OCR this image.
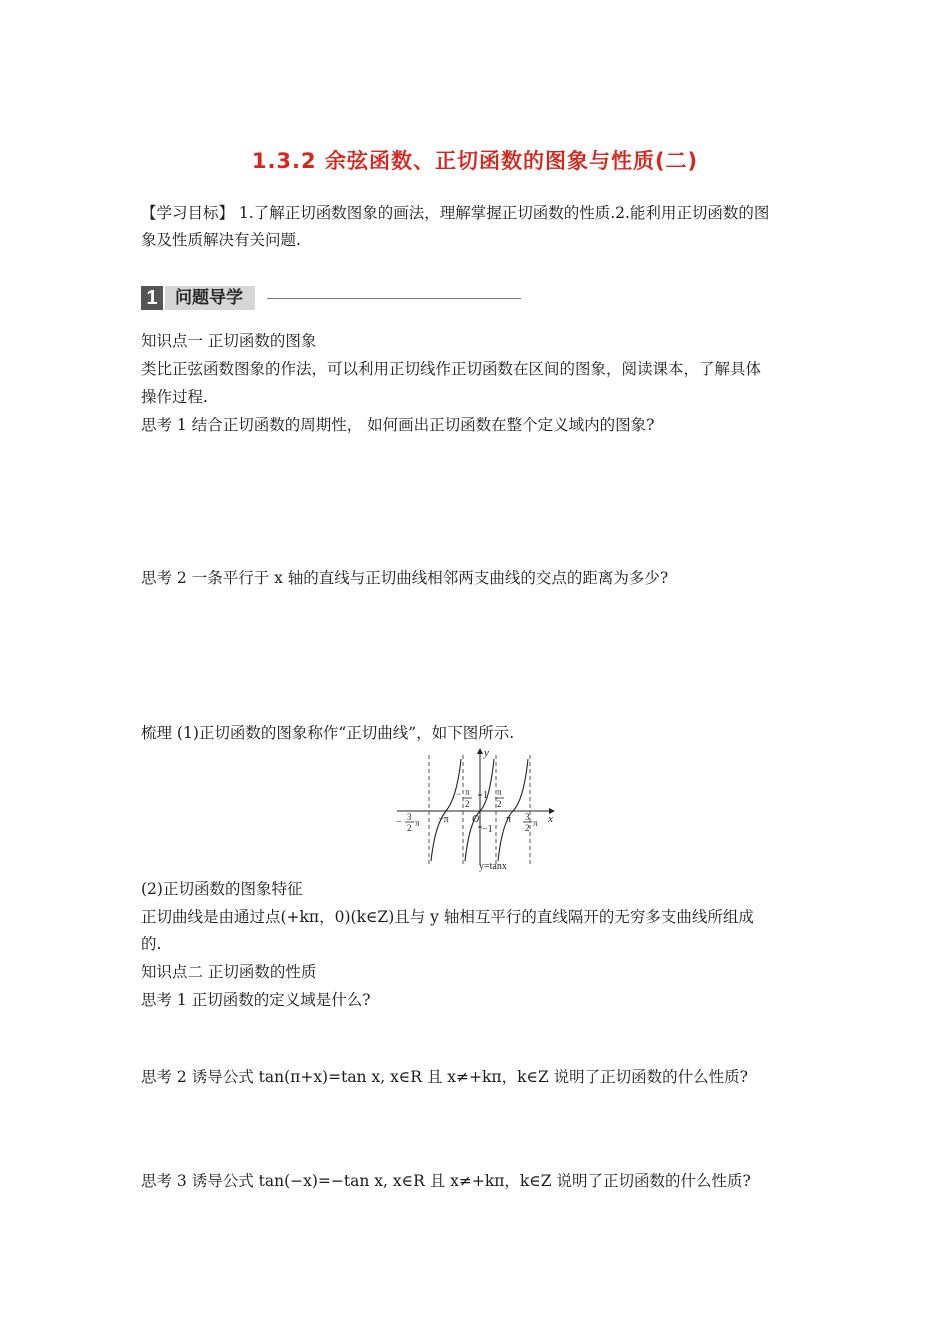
1.3.2 余弦函数、正切函数的图象与性质(二)
【学习目标】 1.了解正切函数图象的画法，理解掌握正切函数的性质.2.能利用正切函数的图
象及性质解决有关问题.
1	问题导学
知识点一 正切函数的图象
类比正弦函数图象的作法，可以利用正切线作正切函数在区间的图象，阅读课本，了解具体
操作过程.
思考 1 结合正切函数的周期性， 如何画出正切函数在整个定义域内的图象?
思考 2 一条平行于 x 轴的直线与正切曲线相邻两支曲线的交点的距离为多少?
梳理 (1)正切函数的图象称作“正切曲线”，如下图所示.
y
x
O
1
−1
− π
2
π
2
−π	π
− 3
2 π
3
2 π
y=tanx
(2)正切函数的图象特征
正切曲线是由通过点(+kπ，0)(k∈Z)且与 y 轴相互平行的直线隔开的无穷多支曲线所组成
的.
知识点二 正切函数的性质
思考 1 正切函数的定义域是什么?
思考 2 诱导公式 tan(π+x)=tan x, x∈R 且 x≠+kπ，k∈Z 说明了正切函数的什么性质?
思考 3 诱导公式 tan(−x)=−tan x, x∈R 且 x≠+kπ，k∈Z 说明了正切函数的什么性质?
